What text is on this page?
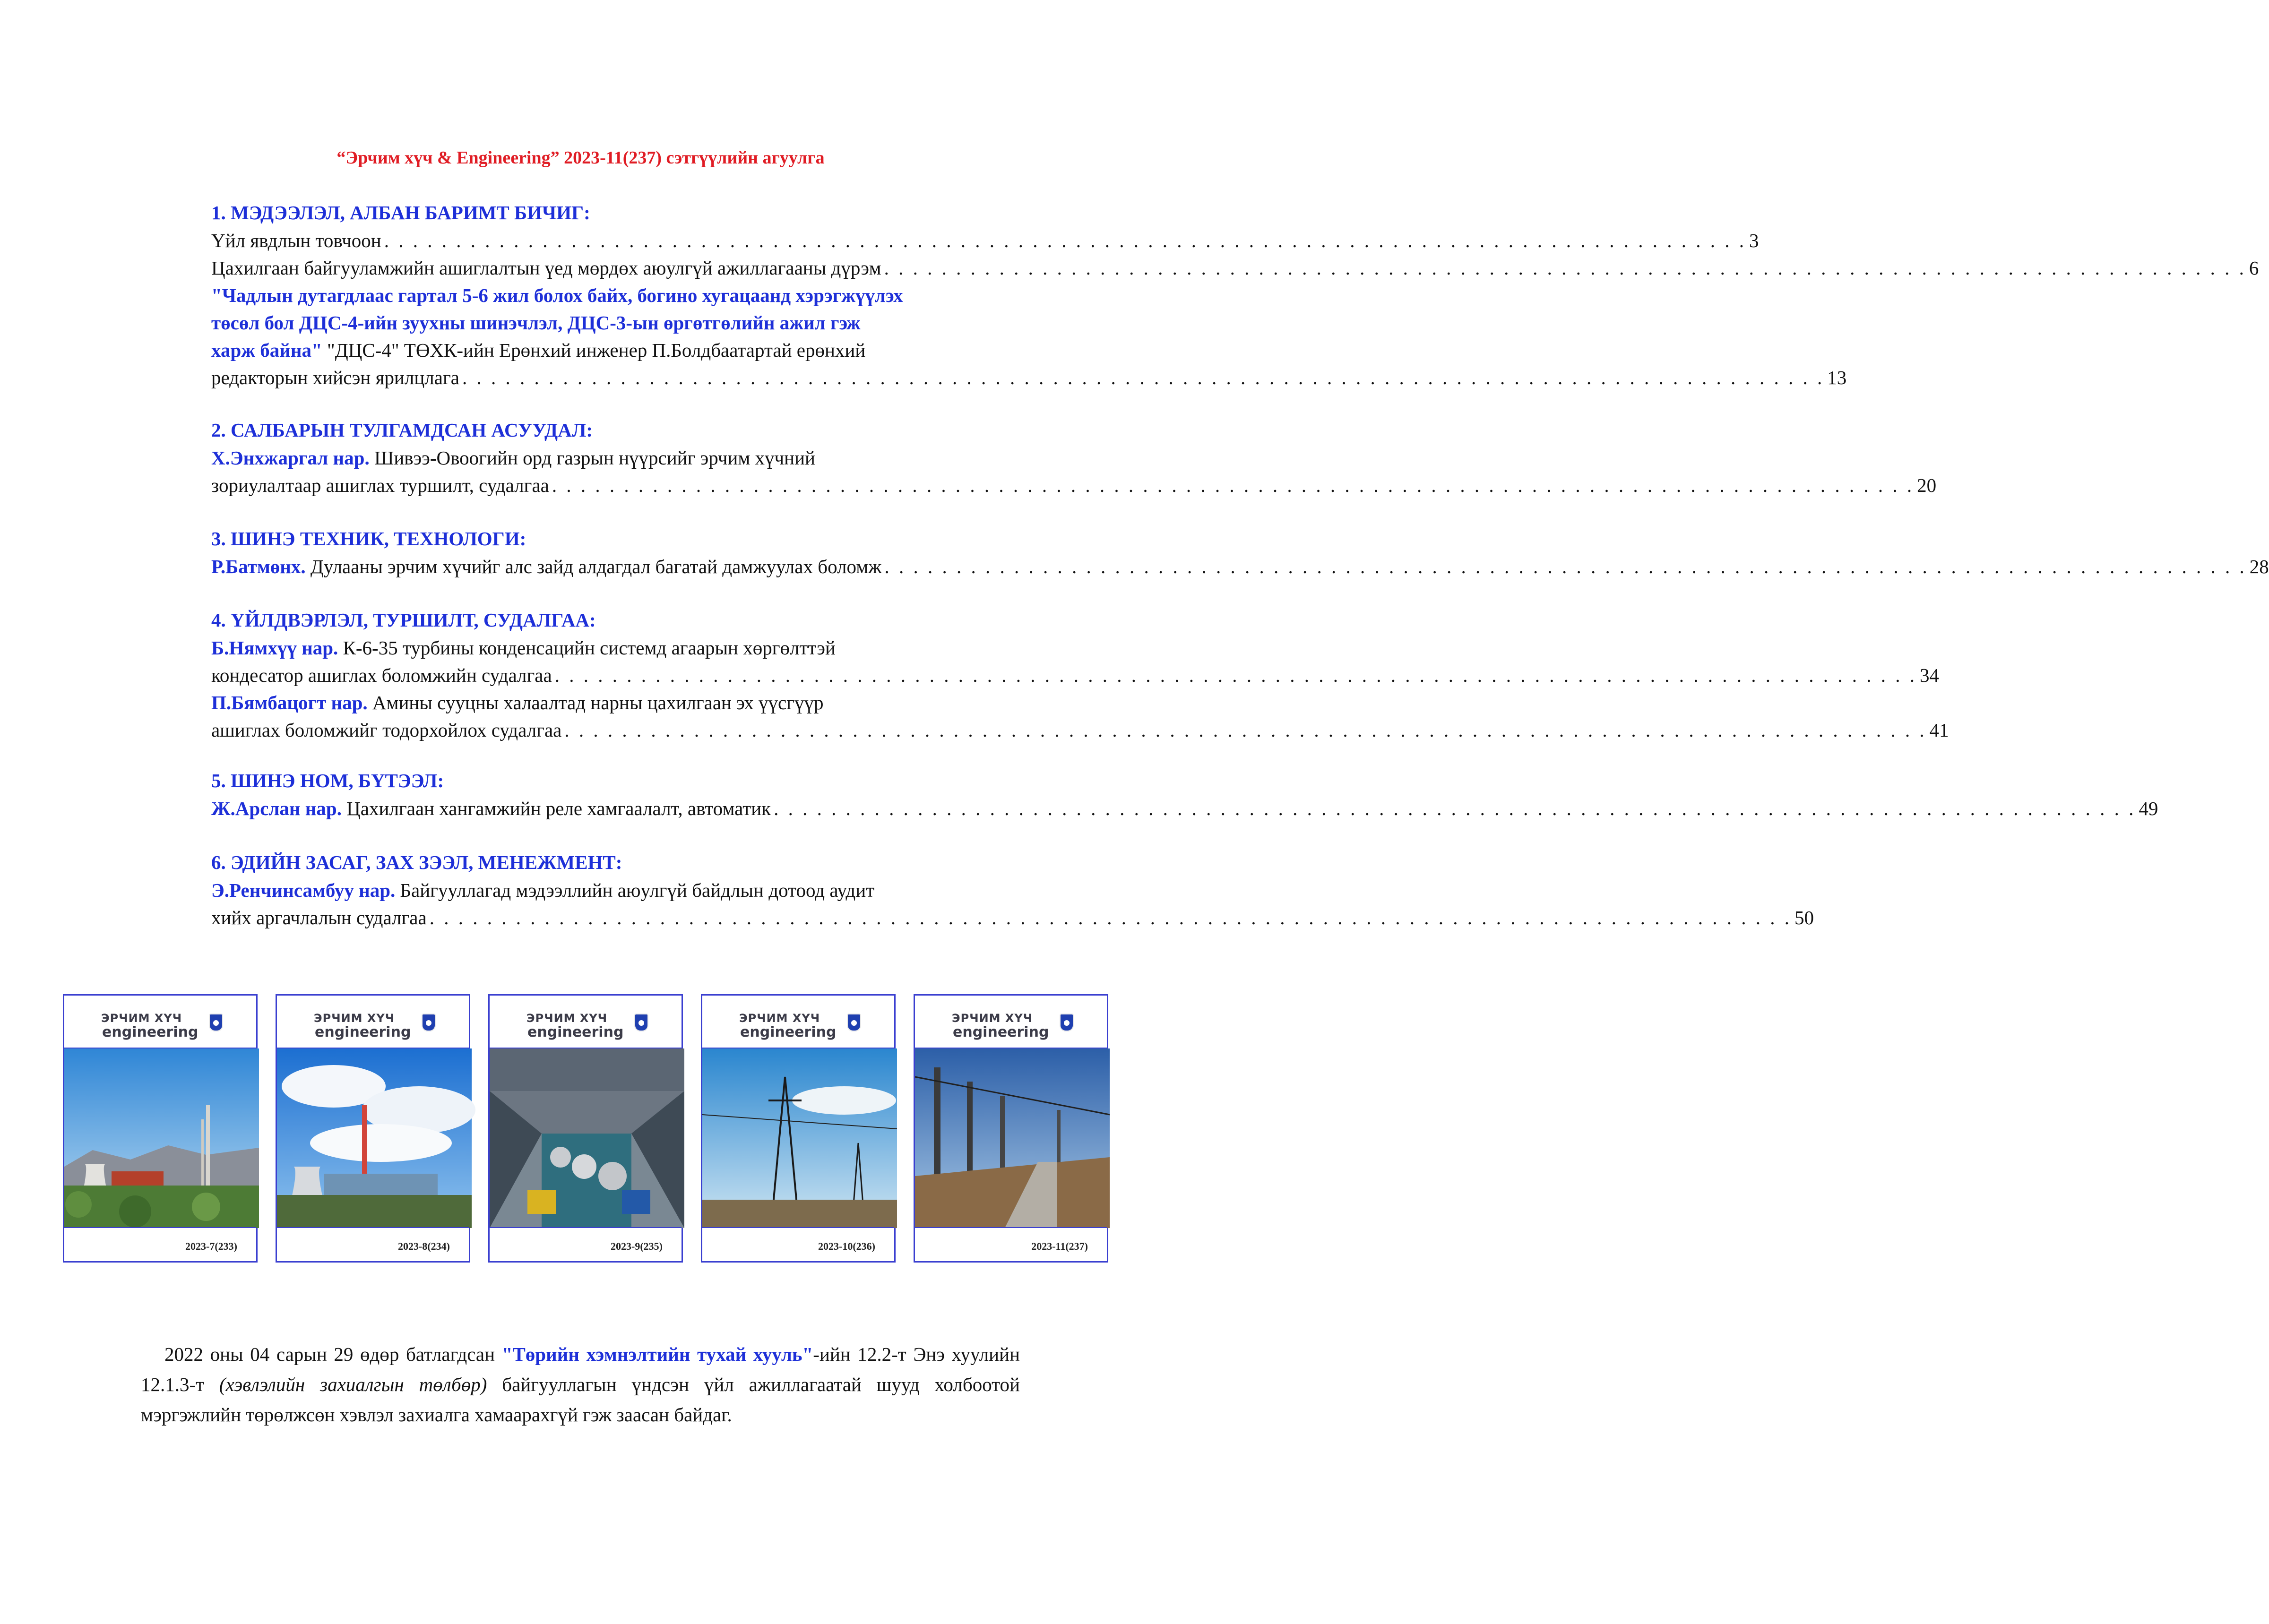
“Эрчим хүч & Engineering” 2023-11(237) сэтгүүлийн агуулга
1. МЭДЭЭЛЭЛ, АЛБАН БАРИМТ БИЧИГ:
Үйл явдлын товчоон . . . . . . . . . . . . . . . . . . . . . . . . . . . . . . . . . . . . . . . . . . . . . . . . . . . . . . . . . . . . . . . . . . . . . . . . . . . . . . . . . . . . . . . . . . . . . . . 3
Цахилгаан байгууламжийн ашиглалтын үед мөрдөх аюулгүй ажиллагааны дүрэм . . . . . . . . . . . . . . . . . . . . . . . . . . . . . . . . . . . . . . . . . . . . . . . . . . . . . . . . . . . . . . . . . . . . . . . . . . . . . . . . . . . . . . . . . . . . . . . 6
"Чадлын дутагдлаас гартал 5-6 жил болох байх, богино хугацаанд хэрэгжүүлэх
төсөл бол ДЦС-4-ийн зуухны шинэчлэл, ДЦС-3-ын өргөтгөлийн ажил гэж
харж байна" "ДЦС-4" ТӨХК-ийн Ерөнхий инженер П.Болдбаатартай ерөнхий
редакторын хийсэн ярилцлага . . . . . . . . . . . . . . . . . . . . . . . . . . . . . . . . . . . . . . . . . . . . . . . . . . . . . . . . . . . . . . . . . . . . . . . . . . . . . . . . . . . . . . . . . . . . . . . 13
2. САЛБАРЫН ТУЛГАМДСАН АСУУДАЛ:
Х.Энхжаргал нар. Шивээ-Овоогийн орд газрын нүүрсийг эрчим хүчний
зориулалтаар ашиглах туршилт, судалгаа . . . . . . . . . . . . . . . . . . . . . . . . . . . . . . . . . . . . . . . . . . . . . . . . . . . . . . . . . . . . . . . . . . . . . . . . . . . . . . . . . . . . . . . . . . . . . . . 20
3. ШИНЭ ТЕХНИК, ТЕХНОЛОГИ:
Р.Батмөнх. Дулааны эрчим хүчийг алс зайд алдагдал багатай дамжуулах боломж . . . . . . . . . . . . . . . . . . . . . . . . . . . . . . . . . . . . . . . . . . . . . . . . . . . . . . . . . . . . . . . . . . . . . . . . . . . . . . . . . . . . . . . . . . . . . . . 28
4. ҮЙЛДВЭРЛЭЛ, ТУРШИЛТ, СУДАЛГАА:
Б.Нямхүү нар. К-6-35 турбины конденсацийн системд агаарын хөргөлттэй
кондесатор ашиглах боломжийн судалгаа . . . . . . . . . . . . . . . . . . . . . . . . . . . . . . . . . . . . . . . . . . . . . . . . . . . . . . . . . . . . . . . . . . . . . . . . . . . . . . . . . . . . . . . . . . . . . . . 34
П.Бямбацогт нар. Амины сууцны халаалтад нарны цахилгаан эх үүсгүүр
ашиглах боломжийг тодорхойлох судалгаа . . . . . . . . . . . . . . . . . . . . . . . . . . . . . . . . . . . . . . . . . . . . . . . . . . . . . . . . . . . . . . . . . . . . . . . . . . . . . . . . . . . . . . . . . . . . . . . 41
5. ШИНЭ НОМ, БҮТЭЭЛ:
Ж.Арслан нар. Цахилгаан хангамжийн реле хамгаалалт, автоматик . . . . . . . . . . . . . . . . . . . . . . . . . . . . . . . . . . . . . . . . . . . . . . . . . . . . . . . . . . . . . . . . . . . . . . . . . . . . . . . . . . . . . . . . . . . . . . . 49
6. ЭДИЙН ЗАСАГ, ЗАХ ЗЭЭЛ, МЕНЕЖМЕНТ:
Э.Ренчинсамбуу нар. Байгууллагад мэдээллийн аюулгүй байдлын дотоод аудит
хийх аргачлалын судалгаа . . . . . . . . . . . . . . . . . . . . . . . . . . . . . . . . . . . . . . . . . . . . . . . . . . . . . . . . . . . . . . . . . . . . . . . . . . . . . . . . . . . . . . . . . . . . . . . 50
ЭРЧИМ ХҮЧ
engineering
2023-7(233)
ЭРЧИМ ХҮЧ
engineering
2023-8(234)
ЭРЧИМ ХҮЧ
engineering
2023-9(235)
ЭРЧИМ ХҮЧ
engineering
2023-10(236)
ЭРЧИМ ХҮЧ
engineering
2023-11(237)
2022 оны 04 сарын 29 өдөр батлагдсан "Төрийн хэмнэлтийн тухай хууль"-ийн 12.2-т Энэ хуулийн 12.1.3-т (хэвлэлийн захиалгын төлбөр) байгууллагын үндсэн үйл ажиллагаатай шууд холбоотой мэргэжлийн төрөлжсөн хэвлэл захиалга хамаарахгүй гэж заасан байдаг.
